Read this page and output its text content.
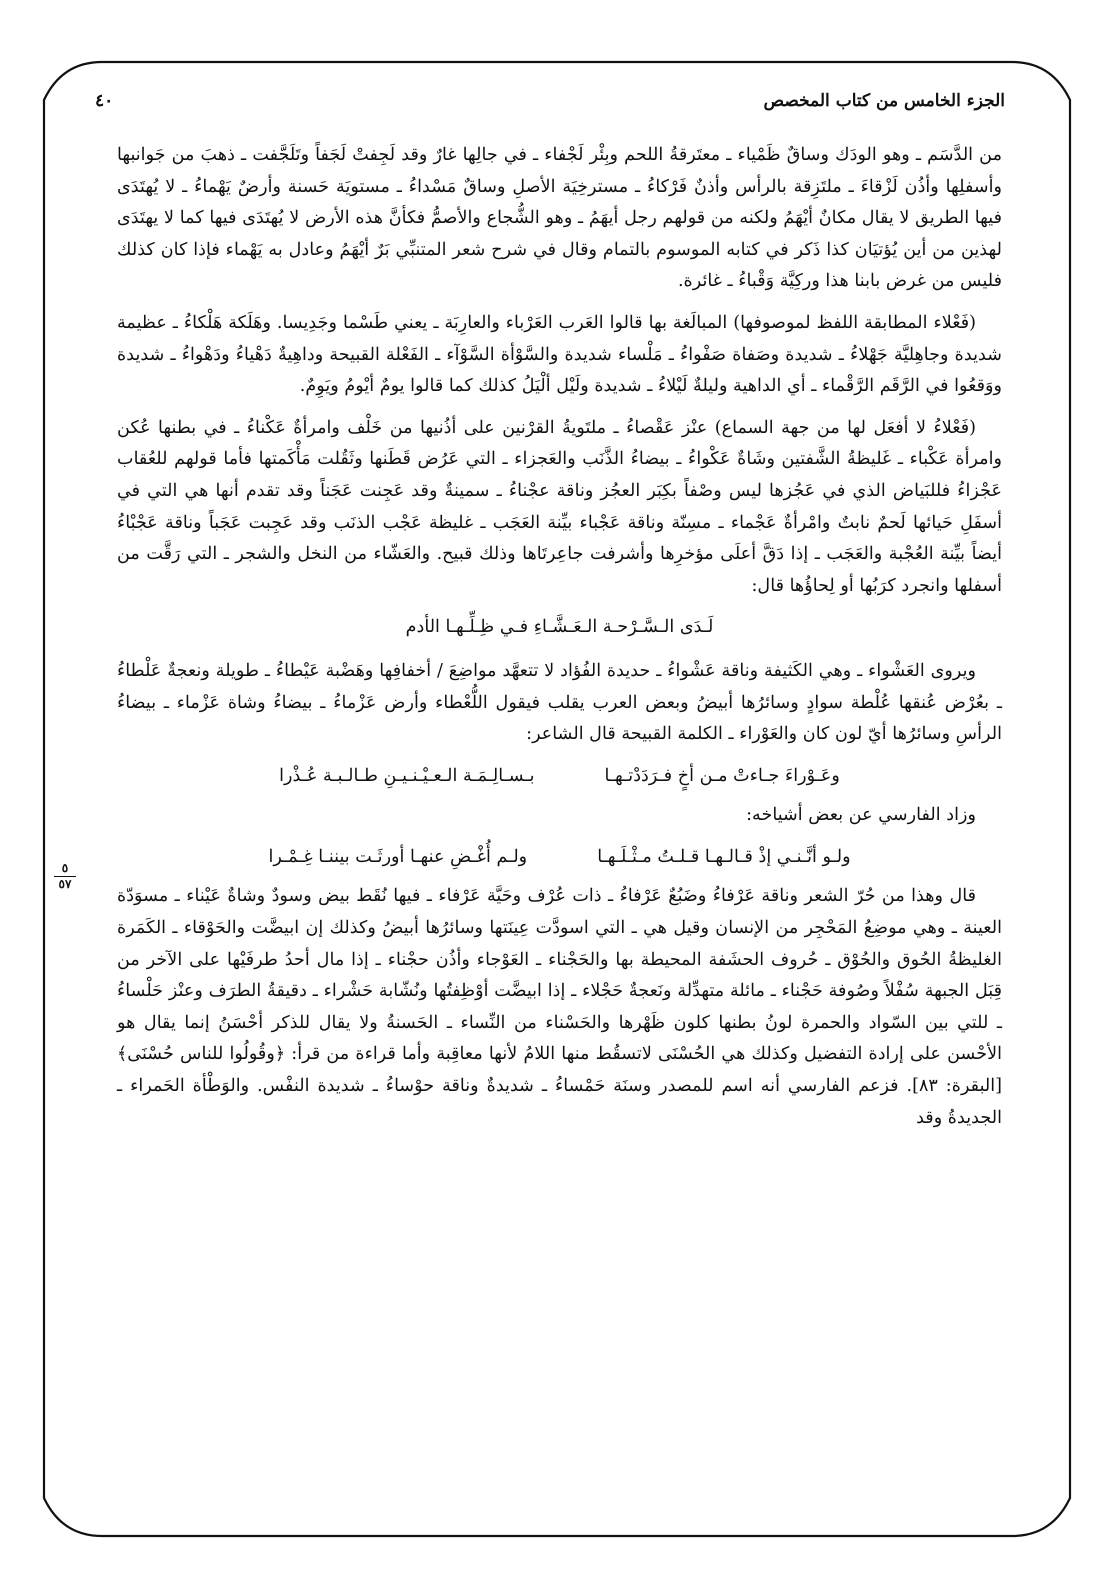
الجزء الخامس من كتاب المخصص
٤٠
٥
٥٧

من الدَّسَم ـ وهو الودَك وساقٌ ظَمْياء ـ معتَرقةُ اللحم وبِئْر لَجْفاء ـ في جالِها غارٌ وقد لَجِفتْ لَجَفاً وتَلَجَّفت ـ ذهبَ من جَوانبها وأسفلِها وأذُن لَزْقاءَ ـ ملتَزِقة بالرأس وأذنٌ فَرْكاءُ ـ مسترخِيَة الأصلِ وساقٌ مَسْداءُ ـ مستويَة حَسنة وأرضٌ يَهْماءُ ـ لا يُهتَدَى فيها الطريق لا يقال مكانٌ أيْهَمُ ولكنه من قولهم رجل أيهَمُ ـ وهو الشُّجاع والأصمُّ فكأنَّ هذه الأرض لا يُهتَدَى فيها كما لا يهتَدَى لهذين من أين يُؤتيَان كذا ذَكر في كتابه الموسوم بالتمام وقال في شرح شعر المتنبِّي بَرٌ أيْهَمُ وعادل به يَهْماء فإذا كان كذلك فليس من غرض بابنا هذا وركِيَّة وَقْباءُ ـ غائرة.

(فَعْلاء المطابقة اللفظ لموصوفها) المبالَغة بها قالوا العَرب العَرْباء والعارِبَة ـ يعني طَسْما وجَدِيسا. وهَلَكة هَلْكاءُ ـ عظيمة شديدة وجاهِليَّة جَهْلاءُ ـ شديدة وصَفاة صَفْواءُ ـ مَلْساء شديدة والسَّوْأة السَّوْآء ـ الفَعْلة القبيحة وداهِيةٌ دَهْياءُ ودَهْواءُ ـ شديدة ووَقعُوا في الرَّقَم الرَّقْماء ـ أي الداهية وليلةٌ لَيْلاءُ ـ شديدة ولَيْل ألْيَلُ كذلك كما قالوا يومٌ أيْومُ ويَوِمٌ.

(فَعْلاءُ لا أفعَل لها من جهة السماع) عنْز عَقْصاءُ ـ ملتَويةُ القرْنين على أذُنيها من خَلْف وامرأةٌ عَكْناءُ ـ في بطنها عُكن وامرأة عَكْباء ـ غَليظةُ الشَّفتين وشَاةٌ عَكْواءُ ـ بيضاءُ الذَّنَب والعَجزاء ـ التي عَرُض قَطَنها وثَقُلت مَأْكَمتها فأما قولهم للعُقاب عَجْزاءُ فللبَياض الذي في عَجُزها ليس وصْفاً بكِبَر العجُز وناقة عجْناءُ ـ سمينةٌ وقد عَجِنت عَجَناً وقد تقدم أنها هي التي في أسفَلِ حَيائها لَحمٌ نابتٌ وامْرأةٌ عَجْماء ـ مسِنّة وناقة عَجْباء بيِّنة العَجَب ـ غليظة عَجْب الذنَب وقد عَجِبت عَجَباً وناقة عَجْبْاءُ أيضاً بيِّنة العُجْبة والعَجَب ـ إذا دَقَّ أعلَى مؤخرِها وأشرفت جاعِرتَاها وذلك قبيح. والعَشّاء من النخل والشجر ـ التي رَقَّت من أسفلها وانجرد كرَبُها أو لِحاؤُها قال:

لَـدَى الـسَّـرْحـة الـعَـشَّـاءِ فـي ظِـلِّـهـا الأدم

ويروى العَشْواء ـ وهي الكَثيفة وناقة عَشْواءُ ـ حديدة الفُؤاد لا تتعهَّد مواضِعَ / أخفافِها وهَضْبة عَيْطاءُ ـ طويلة ونعجةٌ عَلْطاءُ ـ بعُرْض عُنقها عُلْطة سوادٍ وسائرُها أبيضُ وبعض العرب يقلب فيقول اللُّعْطاء وأرض عَزْماءُ ـ بيضاءُ وشاة عَزْماء ـ بيضاءُ الرأسِ وسائرُها أيّ لون كان والعَوْراء ـ الكلمة القبيحة قال الشاعر:

وعَـوْراءَ جـاءتْ مـن أخٍ فـرَدَدْتـهـا
بـسـالِـمَـة الـعـيْـنـيـنِ طـالـبـة عُـذْرا

وزاد الفارسي عن بعض أشياخه:

ولـو أنَّـنـي إذْ قـالـهـا قـلـتُ مـثْـلَـهـا
ولـم أُغْـضِ عنهـا أورثَـت بيننـا غِـمْـرا

قال وهذا من حُرّ الشعر وناقة عَرْفاءُ وضَبُعٌ عَرْفاءُ ـ ذات عُرْف وحَيَّة عَرْفاء ـ فيها نُقَط بيض وسودٌ وشاةٌ عَيْناء ـ مسوَدّة العينة ـ وهي موضِعُ المَحْجِر من الإنسان وقيل هي ـ التي اسودَّت عِينَتها وسائرُها أبيضُ وكذلك إن ابيضَّت والحَوْقاء ـ الكَمَرة الغليظةُ الحُوق والحُوْق ـ حُروف الحشَفة المحيطة بها والحَجْناء ـ العَوْجاء وأذُن حجْناء ـ إذا مال أحدُ طرفَيْها على الآخر من قِبَل الجبهة سُفْلاً وصُوفة حَجْناء ـ مائلة متهدِّلة ونَعجةٌ حَجْلاء ـ إذا ابيضَّت أوْظِفتُها ونُشّابة حَشْراء ـ دقيقةُ الطرَف وعنْز حَلْساءُ ـ للتي بين السّواد والحمرة لونُ بطنها كلون ظَهْرها والحَسْناء من النِّساء ـ الحَسنةُ ولا يقال للذكر أحْسَنُ إنما يقال هو الأحْسن على إرادة التفضيل وكذلك هي الحُسْنَى لاتسقُط منها اللامُ لأنها معاقِبة وأما قراءة من قرأ: ﴿وقُولُوا للناس حُسْنَى﴾ [البقرة: ٨٣]. فزعم الفارسي أنه اسم للمصدر وسنَة حَمْساءُ ـ شديدةٌ وناقة حوْساءُ ـ شديدة النفْس. والوَطْأة الحَمراء ـ الجديدةُ وقد
